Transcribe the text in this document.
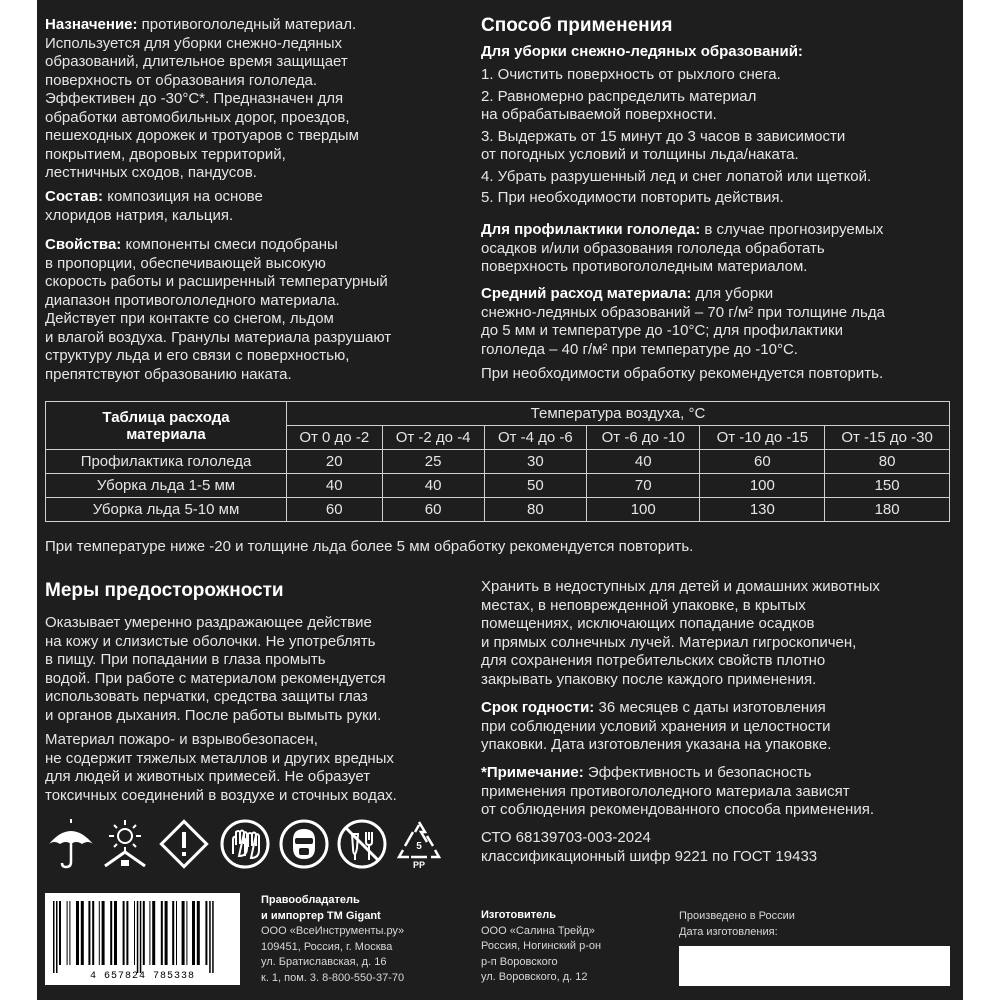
Назначение: противогололедный материал.
Используется для уборки снежно-ледяных
образований, длительное время защищает
поверхность от образования гололеда.
Эффективен до -30°С*. Предназначен для
обработки автомобильных дорог, проездов,
пешеходных дорожек и тротуаров с твердым
покрытием, дворовых территорий,
лестничных сходов, пандусов.

Состав: композиция на основе
хлоридов натрия, кальция.

Свойства: компоненты смеси подобраны
в пропорции, обеспечивающей высокую
скорость работы и расширенный температурный
диапазон противогололедного материала.
Действует при контакте со снегом, льдом
и влагой воздуха. Гранулы материала разрушают
структуру льда и его связи с поверхностью,
препятствуют образованию наката.

Способ применения
Для уборки снежно-ледяных образований:
1. Очистить поверхность от рыхлого снега.
2. Равномерно распределить материал
на обрабатываемой поверхности.
3. Выдержать от 15 минут до 3 часов в зависимости
от погодных условий и толщины льда/наката.
4. Убрать разрушенный лед и снег лопатой или щеткой.
5. При необходимости повторить действия.

Для профилактики гололеда: в случае прогнозируемых
осадков и/или образования гололеда обработать
поверхность противогололедным материалом.

Средний расход материала: для уборки
снежно-ледяных образований – 70 г/м² при толщине льда
до 5 мм и температуре до -10°С; для профилактики
гололеда – 40 г/м² при температуре до -10°С.

При необходимости обработку рекомендуется повторить.

Таблица расхода
материала	Температура воздуха, °С					
	От 0 до -2	От -2 до -4	От -4 до -6	От -6 до -10	От -10 до -15	От -15 до -30
Профилактика гололеда	20	25	30	40	60	80
Уборка льда 1-5 мм	40	40	50	70	100	150
Уборка льда 5-10 мм	60	60	80	100	130	180

При температуре ниже -20 и толщине льда более 5 мм обработку рекомендуется повторить.

Меры предосторожности

Оказывает умеренно раздражающее действие
на кожу и слизистые оболочки. Не употреблять
в пищу. При попадании в глаза промыть
водой. При работе с материалом рекомендуется
использовать перчатки, средства защиты глаз
и органов дыхания. После работы вымыть руки.

Материал пожаро- и взрывобезопасен,
не содержит тяжелых металлов и других вредных
для людей и животных примесей. Не образует
токсичных соединений в воздухе и сточных водах.

Хранить в недоступных для детей и домашних животных
местах, в неповрежденной упаковке, в крытых
помещениях, исключающих попадание осадков
и прямых солнечных лучей. Материал гигроскопичен,
для сохранения потребительских свойств плотно
закрывать упаковку после каждого применения.

Срок годности: 36 месяцев с даты изготовления
при соблюдении условий хранения и целостности
упаковки. Дата изготовления указана на упаковке.

*Примечание: Эффективность и безопасность
применения противогололедного материала зависят
от соблюдения рекомендованного способа применения.

СТО 68139703-003-2024
классификационный шифр 9221 по ГОСТ 19433

5
PP
4 657824 785338

Правообладатель
и импортер ТМ Gigant

ООО «ВсеИнструменты.ру»
109451, Россия, г. Москва
ул. Братиславская, д. 16
к. 1, пом. 3. 8-800-550-37-70

Изготовитель

ООО «Салина Трейд»
Россия, Ногинский р-он
р-п Воровского
ул. Воровского, д. 12

Произведено в России

Дата изготовления:
